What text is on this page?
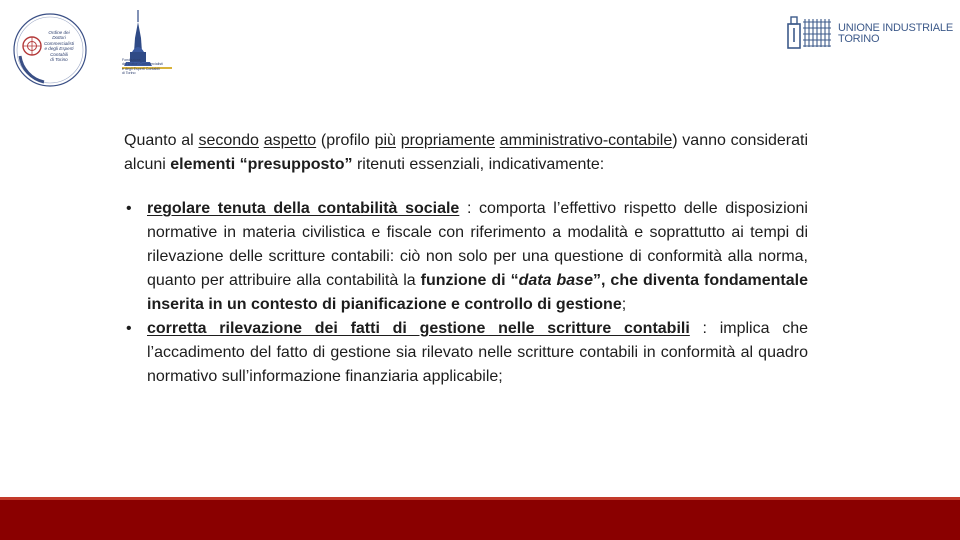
Ordine dei
Dottori Commercialisti
e degli Esperti Contabili
di Torino	Fondazione
dei Dottori Commercialisti
e degli Esperti Contabili
di Torino
UNIONE INDUSTRIALE
TORINO

Quanto al secondo aspetto (profilo più propriamente amministrativo-contabile) vanno considerati alcuni elementi “presupposto” ritenuti essenziali, indicativamente:

• regolare tenuta della contabilità sociale : comporta l’effettivo rispetto delle disposizioni normative in materia civilistica e fiscale con riferimento a modalità e soprattutto ai tempi di rilevazione delle scritture contabili: ciò non solo per una questione di conformità alla norma, quanto per attribuire alla contabilità la funzione di “data base”, che diventa fondamentale inserita in un contesto di pianificazione e controllo di gestione;
• corretta rilevazione dei fatti di gestione nelle scritture contabili : implica che l’accadimento del fatto di gestione sia rilevato nelle scritture contabili in conformità al quadro normativo sull’informazione finanziaria applicabile;
